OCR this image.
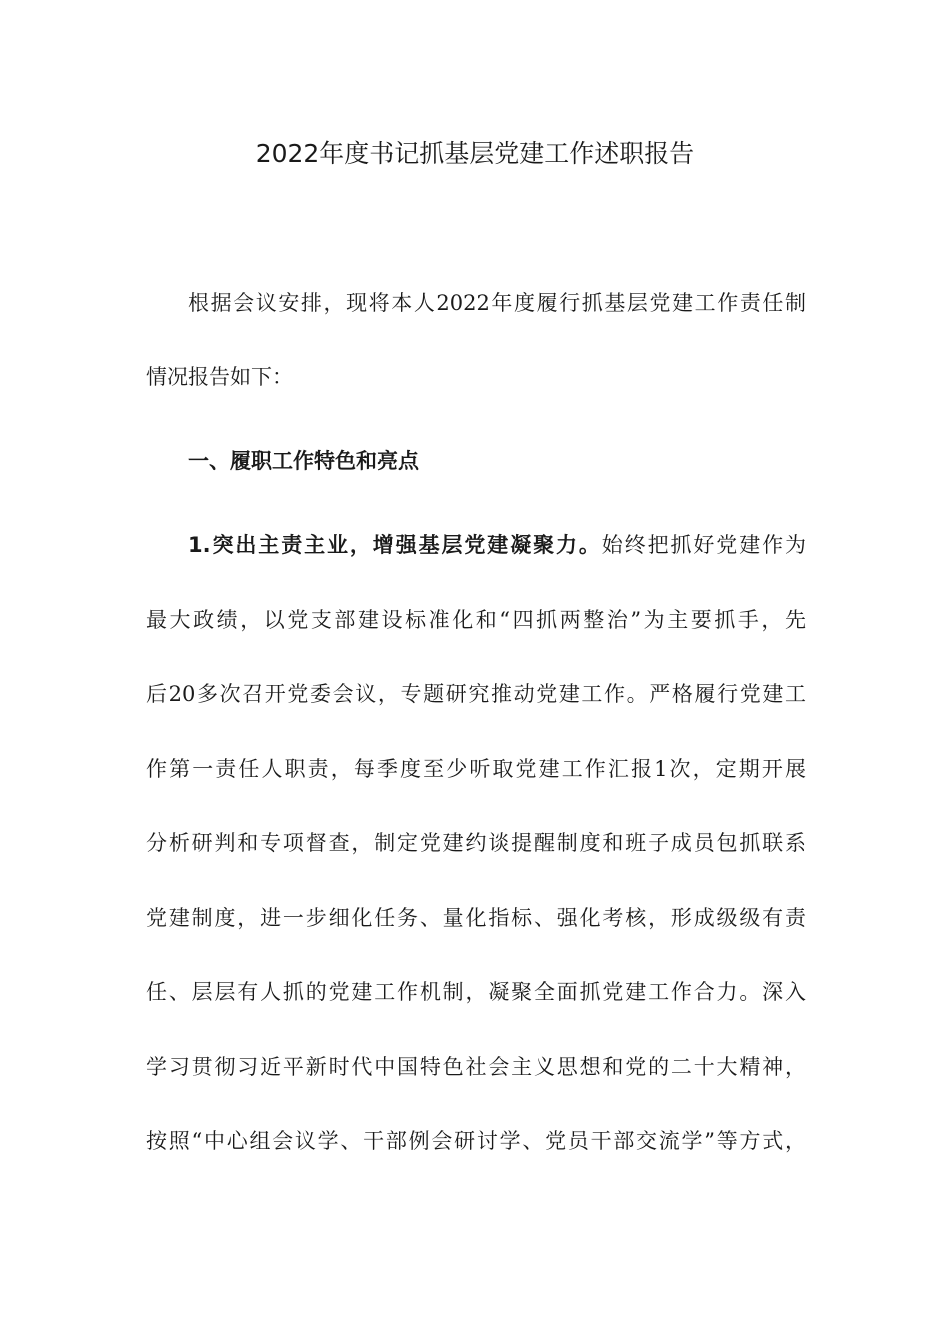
2022年度书记抓基层党建工作述职报告
根据会议安排，现将本人2022年度履行抓基层党建工作责任制
情况报告如下：
一、履职工作特色和亮点
1.突出主责主业，增强基层党建凝聚力。始终把抓好党建作为
最大政绩，以党支部建设标准化和“四抓两整治”为主要抓手，先
后20多次召开党委会议，专题研究推动党建工作。严格履行党建工
作第一责任人职责，每季度至少听取党建工作汇报1次，定期开展
分析研判和专项督查，制定党建约谈提醒制度和班子成员包抓联系
党建制度，进一步细化任务、量化指标、强化考核，形成级级有责
任、层层有人抓的党建工作机制，凝聚全面抓党建工作合力。深入
学习贯彻习近平新时代中国特色社会主义思想和党的二十大精神，
按照“中心组会议学、干部例会研讨学、党员干部交流学”等方式，
